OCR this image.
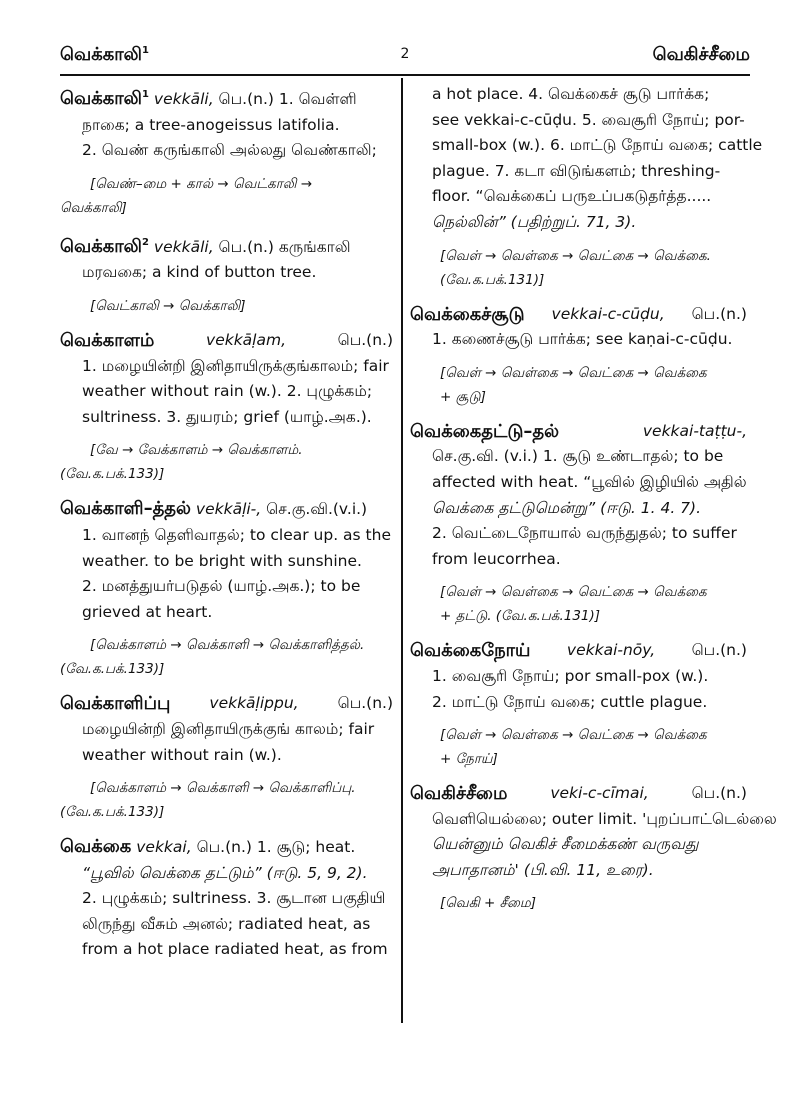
வெக்காலி$^1$	2	வெகிச்சீமை
வெக்காலி$^1$ vekkāli, பெ.(n.) 1. வெள்ளி
நாகை; a tree-anogeissus latifolia.
2. வெண் கருங்காலி அல்லது வெண்காலி;
[வெண்–மை + கால் → வெட்காலி →
வெக்காலி]
வெக்காலி$^2$ vekkāli, பெ.(n.) கருங்காலி
மரவகை; a kind of button tree.
[வெட்காலி → வெக்காலி]
வெக்காளம்	vekkāḷam,	பெ.(n.)
1. மழையின்றி இனிதாயிருக்குங்காலம்; fair
weather without rain (w.). 2. புழுக்கம்;
sultriness. 3. துயரம்; grief (யாழ்.அக.).
[வே → வேக்காளம் → வெக்காளம்.
(வே.க.பக்.133)]
வெக்காளி–த்தல் vekkāḷi-, செ.கு.வி.(v.i.)
1. வானந் தெளிவாதல்; to clear up. as the
weather. to be bright with sunshine.
2. மனத்துயர்படுதல் (யாழ்.அக.); to be
grieved at heart.
[வெக்காளம் → வெக்காளி → வெக்காளித்தல்.
(வே.க.பக்.133)]
வெக்காளிப்பு	vekkāḷippu,	பெ.(n.)
மழையின்றி இனிதாயிருக்குங் காலம்; fair
weather without rain (w.).
[வெக்காளம் → வெக்காளி → வெக்காளிப்பு.
(வே.க.பக்.133)]
வெக்கை vekkai, பெ.(n.) 1. சூடு; heat.
“பூவில் வெக்கை தட்டும்” (ஈடு. 5, 9, 2).
2. புழுக்கம்; sultriness. 3. சூடான பகுதியி
லிருந்து வீசும் அனல்; radiated heat, as
from a hot place radiated heat, as from
a hot place. 4. வெக்கைச் சூடு பார்க்க;
see vekkai-c-cūḍu. 5. வைசூரி நோய்; por-
small-box (w.). 6. மாட்டு நோய் வகை; cattle
plague. 7. கடா விடுங்களம்; threshing-
floor. “வெக்கைப் பருஉப்பகடுதர்த்த.....
நெல்லின்” (பதிற்றுப். 71, 3).
[வெள் → வெள்கை → வெட்கை → வெக்கை.
(வே.க.பக்.131)]
வெக்கைச்சூடு vekkai-c-cūḍu, பெ.(n.)
1. கணைச்சூடு பார்க்க; see kaṇai-c-cūḍu.
[வெள் → வெள்கை → வெட்கை → வெக்கை
+ சூடு]
வெக்கைதட்டு–தல்	vekkai-taṭṭu-,
செ.கு.வி. (v.i.) 1. சூடு உண்டாதல்; to be
affected with heat. “பூவில் இழியில் அதில்
வெக்கை தட்டுமென்று” (ஈடு. 1. 4. 7).
2. வெட்டைநோயால் வருந்துதல்; to suffer
from leucorrhea.
[வெள் → வெள்கை → வெட்கை → வெக்கை
+ தட்டு. (வே.க.பக்.131)]
வெக்கைநோய் vekkai-nōy, பெ.(n.)
1. வைசூரி நோய்; por small-pox (w.).
2. மாட்டு நோய் வகை; cuttle plague.
[வெள் → வெள்கை → வெட்கை → வெக்கை
+ நோய்]
வெகிச்சீமை	veki-c-cīmai,	பெ.(n.)
வெளியெல்லை; outer limit. 'புறப்பாட்டெல்லை
யென்னும் வெகிச் சீமைக்கண் வருவது
அபாதானம்' (பி.வி. 11, உரை).
[வெகி + சீமை]
